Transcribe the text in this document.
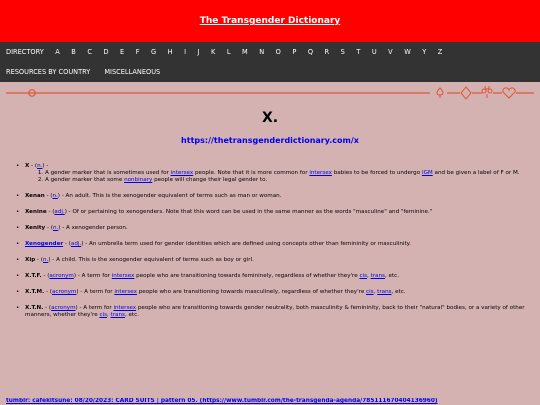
The Transgender Dictionary
DIRECTORY A B C D E F G H I J K L M N O P Q R S T U V W Y Z
RESOURCES BY COUNTRY MISCELLANEOUS
X.
https://thetransgenderdictionary.com/x
• X - (n.) -
1. A gender marker that is sometimes used for intersex people. Note that it is more common for intersex babies to be forced to undergo IGM and be given a label of F or M.
2. A gender marker that some nonbinary people will change their legal gender to.
• Xenan - (n.) - An adult. This is the xenogender equivalent of terms such as man or woman.
• Xenine - (adj.) - Of or pertaining to xenogenders. Note that this word can be used in the same manner as the words "masculine" and "feminine."
• Xenity - (n.) - A xenogender person.
• Xenogender - (adj.) - An umbrella term used for gender identities which are defined using concepts other than femininity or masculinity.
• Xip - (n.) - A child. This is the xenogender equivalent of terms such as boy or girl.
• X.T.F. - (acronym) - A term for intersex people who are transitioning towards femininely, regardless of whether they're cis, trans, etc.
• X.T.M. - (acronym) - A term for intersex people who are transitioning towards masculinely, regardless of whether they're cis, trans, etc.
• X.T.N. - (acronym) - A term for intersex people who are transitioning towards gender neutrality, both masculinity & femininity, back to their "natural" bodies, or a variety of other manners, whether they're cis, trans, etc.
tumblr: cafekitsune: 08/20/2023: CARD SUITS | pattern 05. (https://www.tumblr.com/the-transgenda-agenda/785111670404136960)
